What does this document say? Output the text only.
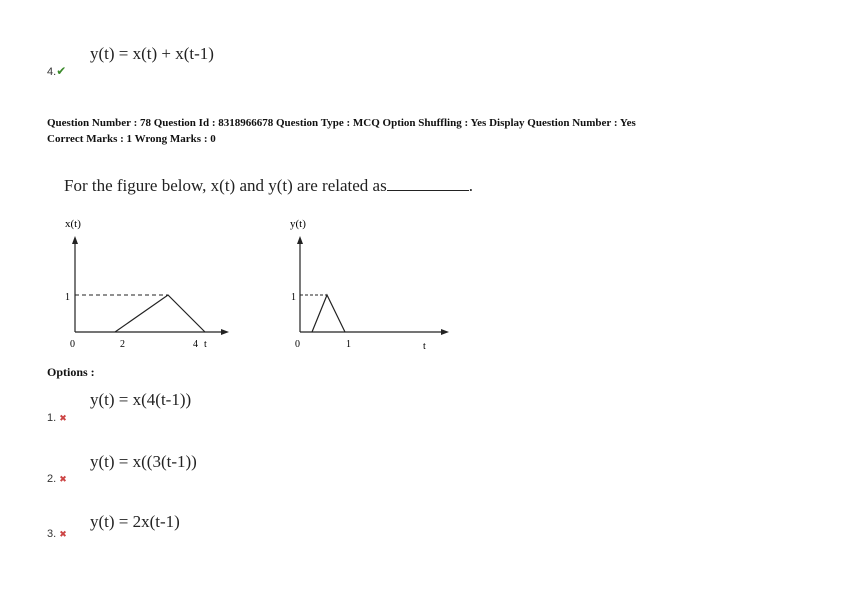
y(t) = x(t) + x(t-1)
4.✔
Question Number : 78 Question Id : 8318966678 Question Type : MCQ Option Shuffling : Yes Display Question Number : Yes
Correct Marks : 1 Wrong Marks : 0
For the figure below, x(t) and y(t) are related as	.
x(t)
1
0	2	4 t
y(t)
1
0	1	t
Options :
y(t) = x(4(t-1))
1. ✖
y(t) = x((3(t-1))
2. ✖
y(t) = 2x(t-1)
3. ✖
